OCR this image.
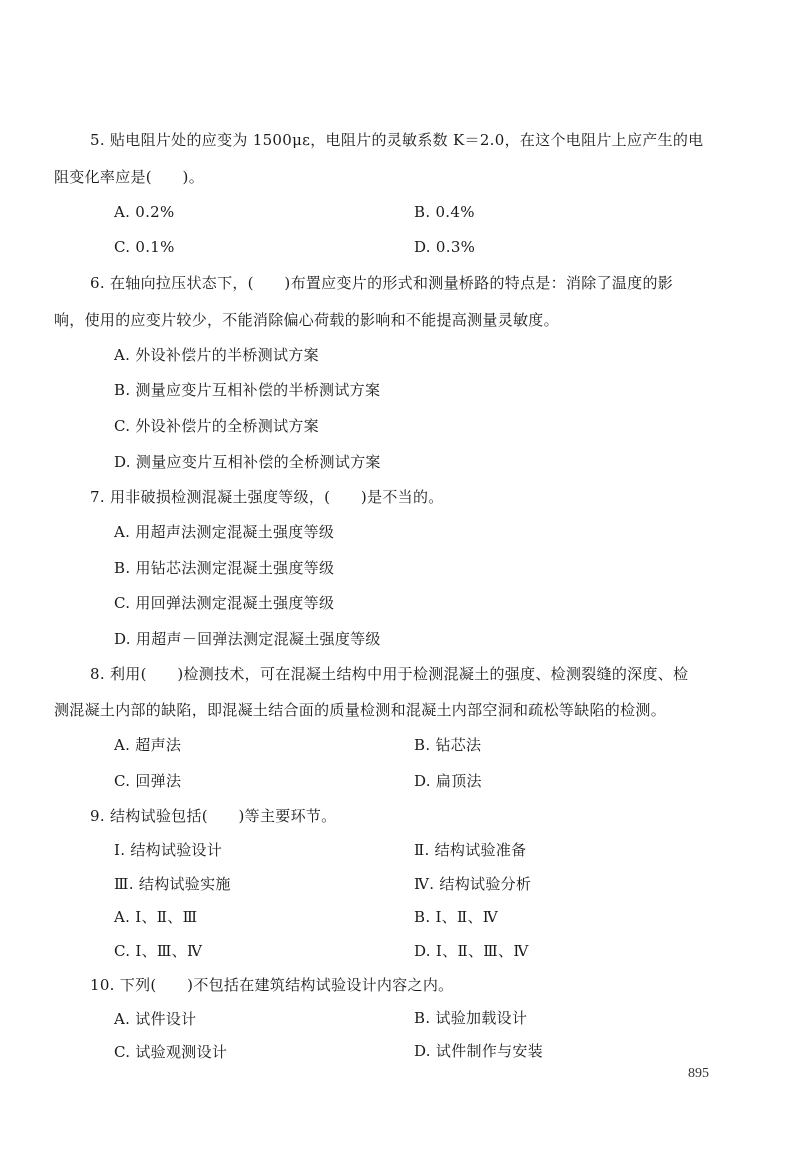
5. 贴电阻片处的应变为 1500με，电阻片的灵敏系数 K＝2.0，在这个电阻片上应产生的电
阻变化率应是(　　)。
A. 0.2%	B. 0.4%
C. 0.1%	D. 0.3%
6. 在轴向拉压状态下，(　　)布置应变片的形式和测量桥路的特点是：消除了温度的影
响，使用的应变片较少，不能消除偏心荷载的影响和不能提高测量灵敏度。
A. 外设补偿片的半桥测试方案
B. 测量应变片互相补偿的半桥测试方案
C. 外设补偿片的全桥测试方案
D. 测量应变片互相补偿的全桥测试方案
7. 用非破损检测混凝土强度等级，(　　)是不当的。
A. 用超声法测定混凝土强度等级
B. 用钻芯法测定混凝土强度等级
C. 用回弹法测定混凝土强度等级
D. 用超声－回弹法测定混凝土强度等级
8. 利用(　　)检测技术，可在混凝土结构中用于检测混凝土的强度、检测裂缝的深度、检
测混凝土内部的缺陷，即混凝土结合面的质量检测和混凝土内部空洞和疏松等缺陷的检测。
A. 超声法	B. 钻芯法
C. 回弹法	D. 扁顶法
9. 结构试验包括(　　)等主要环节。
Ⅰ. 结构试验设计	Ⅱ. 结构试验准备
Ⅲ. 结构试验实施	Ⅳ. 结构试验分析
A. Ⅰ、Ⅱ、Ⅲ	B. Ⅰ、Ⅱ、Ⅳ
C. Ⅰ、Ⅲ、Ⅳ	D. Ⅰ、Ⅱ、Ⅲ、Ⅳ
10. 下列(　　)不包括在建筑结构试验设计内容之内。
A. 试件设计	B. 试验加载设计
C. 试验观测设计	D. 试件制作与安装
895
